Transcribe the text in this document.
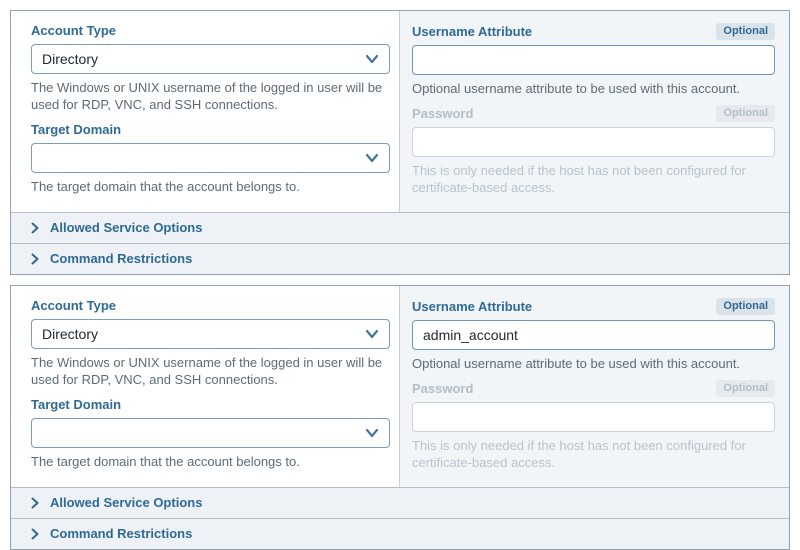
Account Type
Directory
The Windows or UNIX username of the logged in user will be used for RDP, VNC, and SSH connections.
Target Domain
The target domain that the account belongs to.
Username Attribute	Optional
Optional username attribute to be used with this account.
Password	Optional
This is only needed if the host has not been configured for certificate-based access.
Allowed Service Options
Command Restrictions
Account Type
Directory
The Windows or UNIX username of the logged in user will be used for RDP, VNC, and SSH connections.
Target Domain
The target domain that the account belongs to.
Username Attribute	Optional
admin_account
Optional username attribute to be used with this account.
Password	Optional
This is only needed if the host has not been configured for certificate-based access.
Allowed Service Options
Command Restrictions
